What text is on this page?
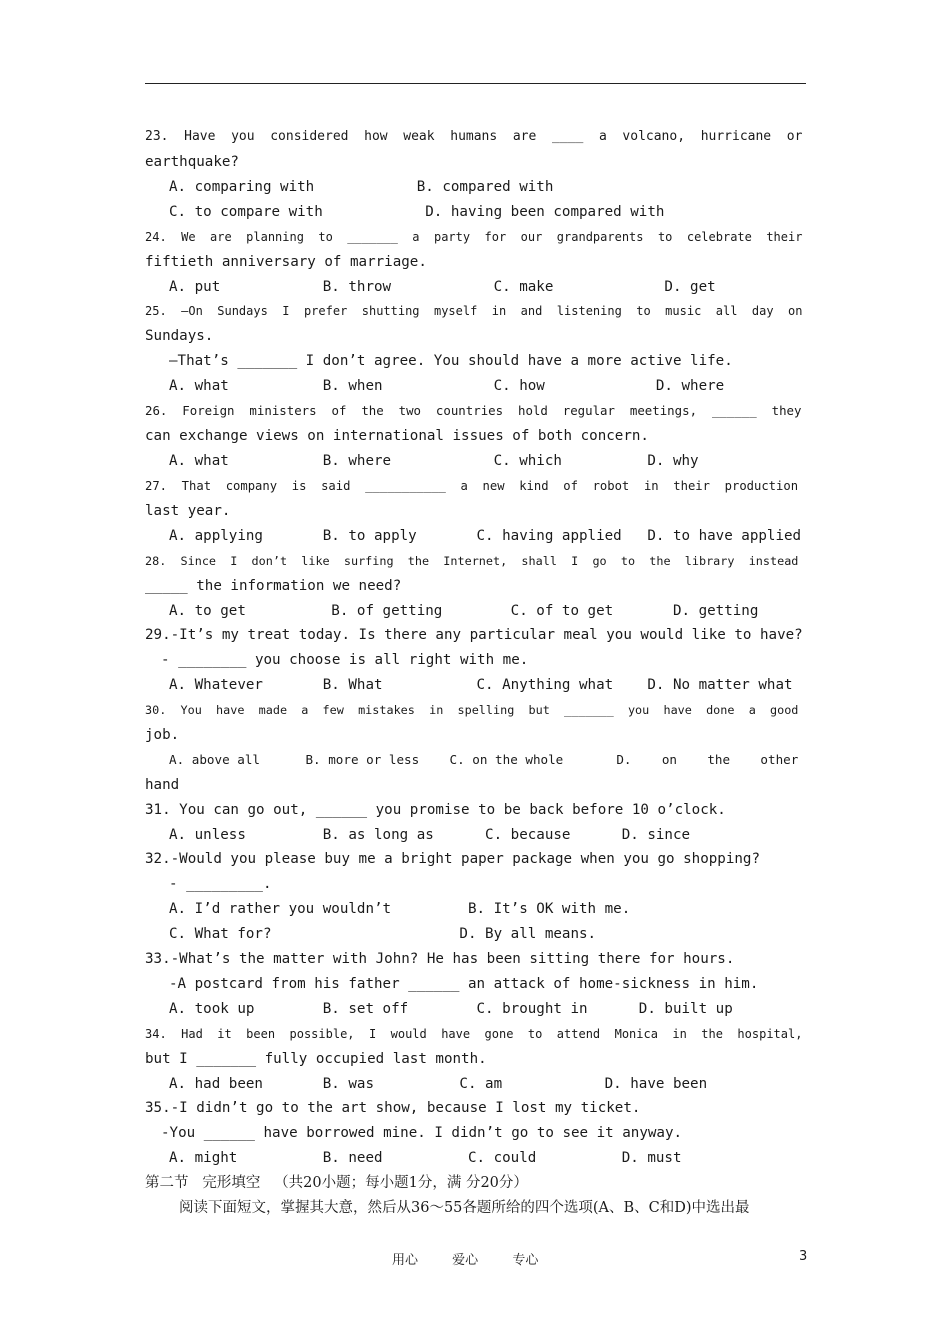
23.  Have  you  considered  how  weak  humans  are  ____  a  volcano,  hurricane  or
earthquake?
A. comparing with            B. compared with
C. to compare with            D. having been compared with
24.  We  are  planning  to  _______  a  party  for  our  grandparents  to  celebrate  their
fiftieth anniversary of marriage.
A. put            B. throw            C. make             D. get
25.  —On  Sundays  I  prefer  shutting  myself  in  and  listening  to  music  all  day  on
Sundays.
—That’s _______ I don’t agree. You should have a more active life.
A. what           B. when             C. how             D. where
26.  Foreign  ministers  of  the  two  countries  hold  regular  meetings,  ______  they
can exchange views on international issues of both concern.
A. what           B. where            C. which          D. why
27.  That  company  is  said  ___________  a  new  kind  of  robot  in  their  production
last year.
A. applying       B. to apply       C. having applied   D. to have applied
28.  Since  I  don’t  like  surfing  the  Internet,  shall  I  go  to  the  library  instead
_____ the information we need?
A. to get          B. of getting        C. of to get       D. getting
29.-It’s my treat today. Is there any particular meal you would like to have?
- ________ you choose is all right with me.
A. Whatever       B. What           C. Anything what    D. No matter what
30.  You  have  made  a  few  mistakes  in  spelling  but  _______  you  have  done  a  good
job.
A. above all      B. more or less    C. on the whole       D.    on    the    other
hand
31. You can go out, ______ you promise to be back before 10 o’clock.
A. unless         B. as long as      C. because      D. since
32.-Would you please buy me a bright paper package when you go shopping?
- _________.
A. I’d rather you wouldn’t         B. It’s OK with me.
C. What for?                      D. By all means.
33.-What’s the matter with John? He has been sitting there for hours.
-A postcard from his father ______ an attack of home-sickness in him.
A. took up        B. set off        C. brought in      D. built up
34.  Had  it  been  possible,  I  would  have  gone  to  attend  Monica  in  the  hospital,
but I _______ fully occupied last month.
A. had been       B. was          C. am            D. have been
35.-I didn’t go to the art show, because I lost my ticket.
-You ______ have borrowed mine. I didn’t go to see it anyway.
A. might          B. need          C. could          D. must
第二节   完形填空   （共20小题；每小题1分，满 分20分）
阅读下面短文，掌握其大意，然后从36～55各题所给的四个选项(A、B、C和D)中选出最
用心	爱心	专心	3
